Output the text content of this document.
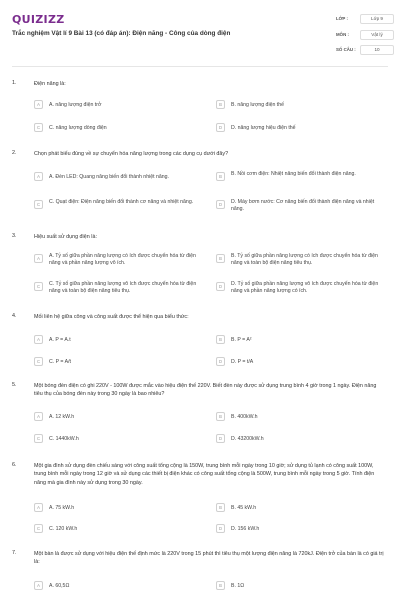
QUIZIZZ
Trắc nghiệm Vật lí 9 Bài 13 (có đáp án): Điện năng - Công của dòng điện
LỚP :	Lớp 9
MÔN :	Vật lý
SỐ CÂU :	10
1.	Điện năng là:
A	A. năng lượng điện trở	B	B. năng lượng điện thế
C	C. năng lượng dòng điện	D	D. năng lượng hiệu điện thế
2.	Chọn phát biểu đúng về sự chuyển hóa năng lượng trong các dụng cụ dưới đây?
A	A. Đèn LED: Quang năng biến đổi thành nhiệt năng.	B	B. Nồi cơm điện: Nhiệt năng biến đổi thành điện năng.
C	C. Quạt điện: Điện năng biến đổi thành cơ năng và nhiệt năng.	D	D. Máy bơm nước: Cơ năng biến đổi thành điện năng và nhiệt năng.
3.	Hiệu suất sử dụng điện là:
A	A. Tỷ số giữa phần năng lượng có ích được chuyển hóa từ điện năng và phần năng lượng vô ích.
B	B. Tỷ số giữa phần năng lượng có ích được chuyển hóa từ điện năng và toàn bộ điện năng tiêu thụ.
C	C. Tỷ số giữa phần năng lượng vô ích được chuyển hóa từ điện năng và toàn bộ điện năng tiêu thụ.
D	D. Tỷ số giữa phần năng lượng vô ích được chuyển hóa từ điện năng và phần năng lượng có ích.
4.	Mối liên hệ giữa công và công suất được thể hiện qua biểu thức:
A	A. P = A.t	B	B. P = A²
C	C. P = A/t	D	D. P = t/A
5.	Một bóng đèn điện có ghi 220V - 100W được mắc vào hiệu điện thế 220V. Biết đèn này được sử dụng trung bình 4 giờ trong 1 ngày. Điện năng tiêu thụ của bóng đèn này trong 30 ngày là bao nhiêu?
A	A. 12 kW.h	B	B. 400kW.h
C	C. 1440kW.h	D	D. 43200kW.h
6.	Một gia đình sử dụng đèn chiếu sáng với công suất tổng cộng là 150W, trung bình mỗi ngày trong 10 giờ; sử dụng tủ lạnh có công suất 100W, trung bình mỗi ngày trong 12 giờ và sử dụng các thiết bị điện khác có công suất tổng cộng là 500W, trung bình mỗi ngày trong 5 giờ. Tính điện năng mà gia đình này sử dụng trong 30 ngày.
A	A. 75 kW.h	B	B. 45 kW.h
C	C. 120 kW.h	D	D. 156 kW.h
7.	Một bàn là được sử dụng với hiệu điện thế định mức là 220V trong 15 phút thì tiêu thụ một lượng điện năng là 720kJ. Điện trở của bàn là có giá trị là:
A	A. 60,5Ω	B	B. 1Ω
